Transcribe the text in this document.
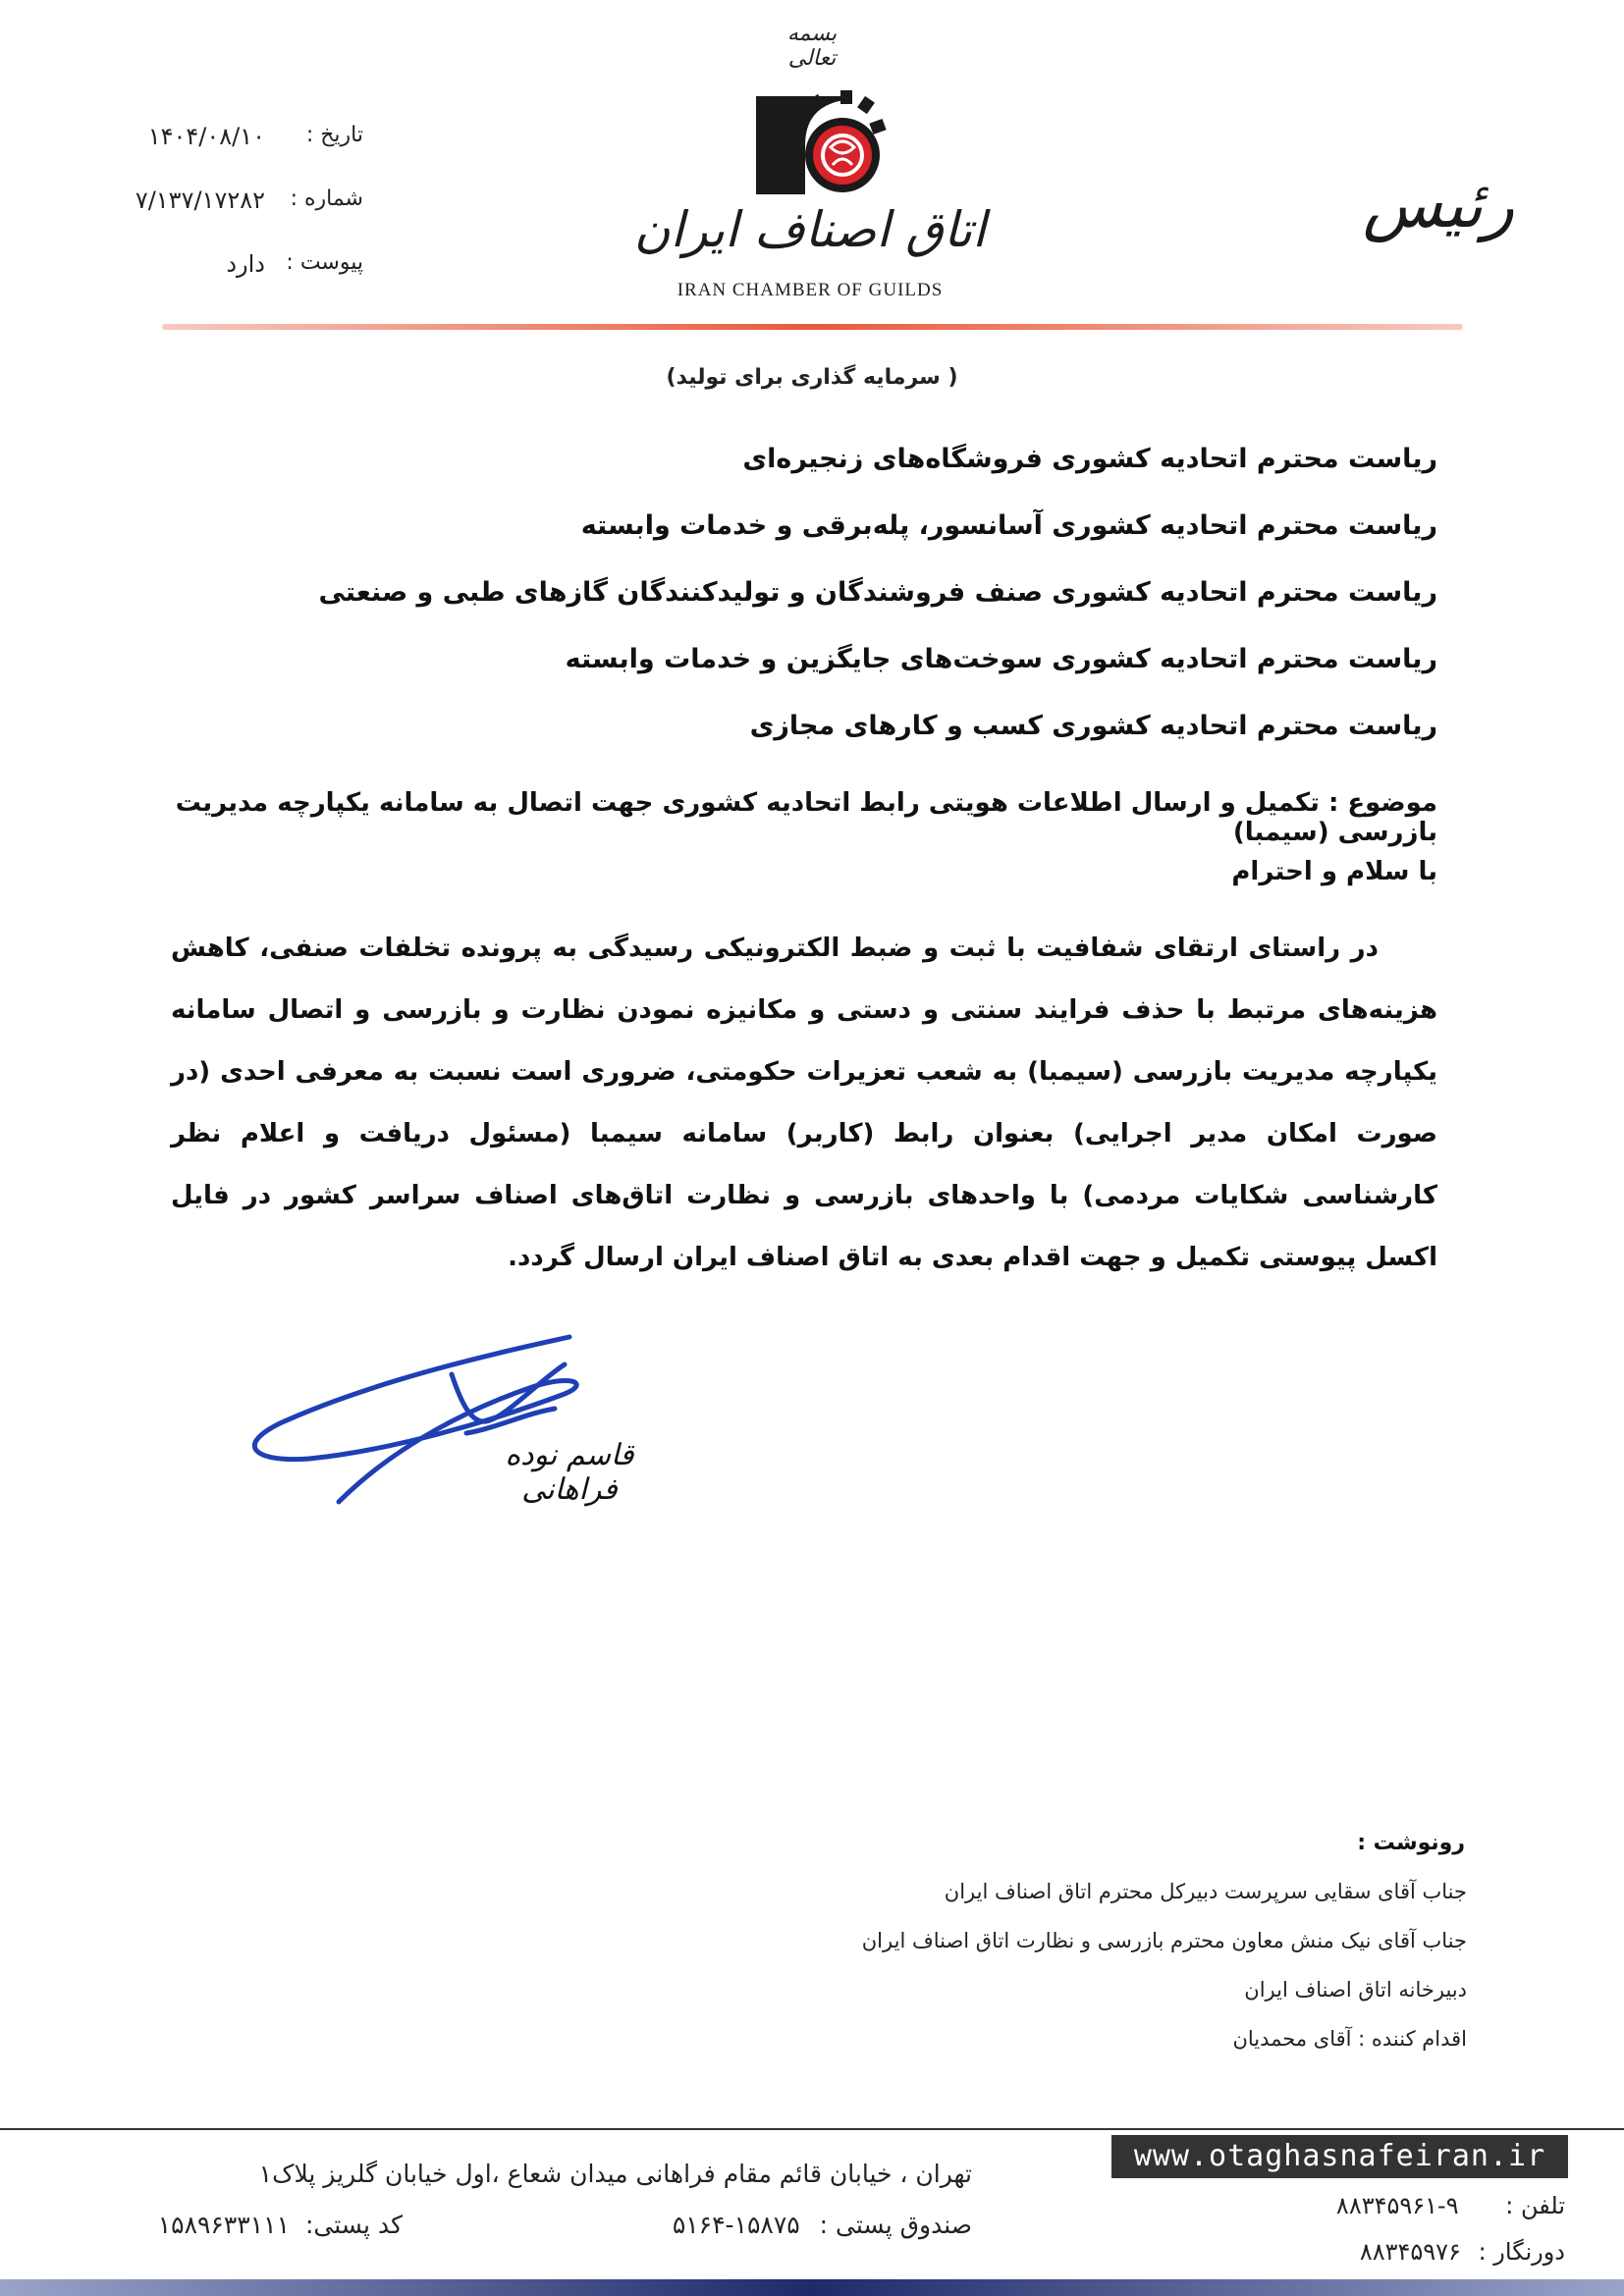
بسمه تعالی
اتاق اصناف ایران
IRAN CHAMBER OF GUILDS
رئیس
تاریخ :
۱۴۰۴/۰۸/۱۰
شماره :
۷/۱۳۷/۱۷۲۸۲
پیوست :
دارد
( سرمایه گذاری برای تولید)
ریاست محترم اتحادیه کشوری فروشگاه‌های زنجیره‌ای
ریاست محترم اتحادیه کشوری آسانسور، پله‌برقی و خدمات وابسته
ریاست محترم اتحادیه کشوری صنف فروشندگان و تولیدکنندگان گازهای طبی و صنعتی
ریاست محترم اتحادیه کشوری سوخت‌های جایگزین و خدمات وابسته
ریاست محترم اتحادیه کشوری کسب و کارهای مجازی
موضوع : تکمیل و ارسال اطلاعات هویتی رابط اتحادیه کشوری جهت اتصال به سامانه یکپارچه مدیریت بازرسی (سیمبا)
با سلام و احترام
در راستای ارتقای شفافیت با ثبت و ضبط الکترونیکی رسیدگی به پرونده تخلفات صنفی، کاهش هزینه‌های مرتبط با حذف فرایند سنتی و دستی و مکانیزه نمودن نظارت و بازرسی و اتصال سامانه یکپارچه مدیریت بازرسی (سیمبا) به شعب تعزیرات حکومتی، ضروری است نسبت به معرفی احدی (در صورت امکان مدیر اجرایی) بعنوان رابط (کاربر) سامانه سیمبا (مسئول دریافت و اعلام نظر کارشناسی شکایات مردمی) با واحدهای بازرسی و نظارت اتاق‌های اصناف سراسر کشور در فایل اکسل پیوستی تکمیل و جهت اقدام بعدی به اتاق اصناف ایران ارسال گردد.
قاسم نوده فراهانی
رونوشت :
جناب آقای سقایی سرپرست دبیرکل محترم اتاق اصناف ایران
جناب آقای نیک منش معاون محترم بازرسی و نظارت اتاق اصناف ایران
دبیرخانه اتاق اصناف ایران
اقدام کننده : آقای محمدیان
تهران ، خیابان قائم مقام فراهانی میدان شعاع ،اول خیابان گلریز پلاک۱
صندوق پستی : ۱۵۸۷۵-۵۱۶۴
کد پستی: ۱۵۸۹۶۳۳۱۱۱
www.otaghasnafeiran.ir
تلفن : ۸۸۳۴۵۹۶۱-۹
دورنگار : ۸۸۳۴۵۹۷۶
